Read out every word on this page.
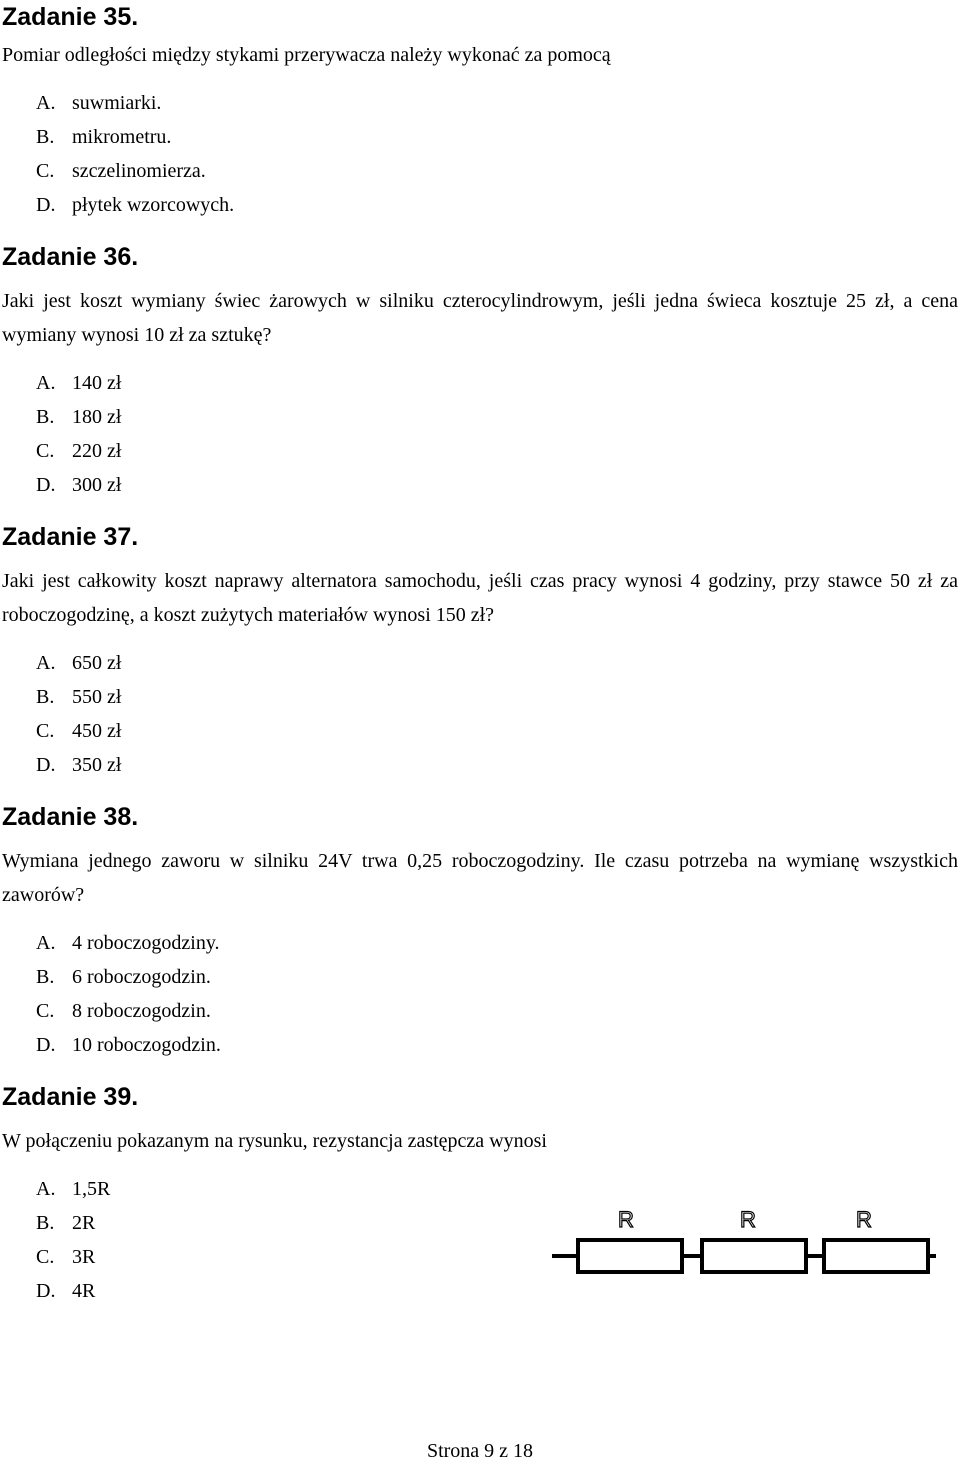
Zadanie 35.
Pomiar odległości między stykami przerywacza należy wykonać za pomocą
A. suwmiarki.
B. mikrometru.
C. szczelinomierza.
D. płytek wzorcowych.
Zadanie 36.
Jaki jest koszt wymiany świec żarowych w silniku czterocylindrowym, jeśli jedna świeca kosztuje 25 zł, a cena wymiany wynosi 10 zł za sztukę?
A. 140 zł
B. 180 zł
C. 220 zł
D. 300 zł
Zadanie 37.
Jaki jest całkowity koszt naprawy alternatora samochodu, jeśli czas pracy wynosi 4 godziny, przy stawce 50 zł za roboczogodzinę, a koszt zużytych materiałów wynosi 150 zł?
A. 650 zł
B. 550 zł
C. 450 zł
D. 350 zł
Zadanie 38.
Wymiana jednego zaworu w silniku 24V trwa 0,25 roboczogodziny. Ile czasu potrzeba na wymianę wszystkich zaworów?
A. 4 roboczogodziny.
B. 6 roboczogodzin.
C. 8 roboczogodzin.
D. 10 roboczogodzin.
Zadanie 39.
W połączeniu pokazanym na rysunku, rezystancja zastępcza wynosi
A. 1,5R
B. 2R
C. 3R
D. 4R
R	R	R
Strona 9 z 18
